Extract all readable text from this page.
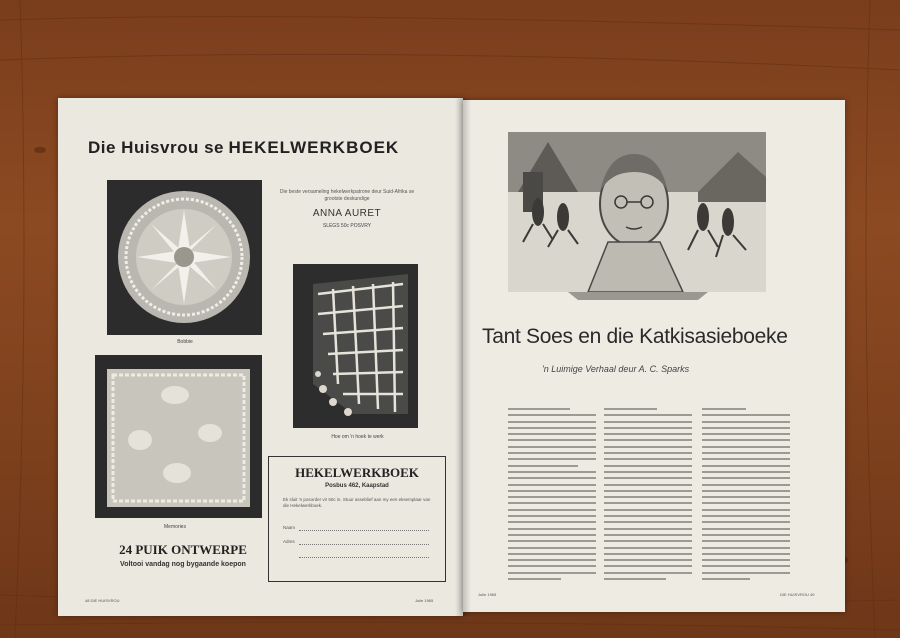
Die Huisvrou se HEKELWERKBOEK
Die beste versameling hekelwerkpatrone deur Suid-Afrika se grootste deskundige
ANNA AURET
SLEGS 50c POSVRY
Bobbie
Hoe om 'n hoek te werk
Memories
24 PUIK ONTWERPE
Voltooi vandag nog bygaande koepon
HEKELWERKBOEK
Posbus 462, Kaapstad
Ek sluit 'n posorder vir 50c in. Stuur asseblief aan my een eksemplaar van die Hekelwerkboek.
Naam
Adres
48 DIE HUISVROU	Julie 1965
Tant Soes en die Katkisasieboeke
'n Luimige Verhaal deur A. C. Sparks
Julie 1965	DIE HUISVROU 49
